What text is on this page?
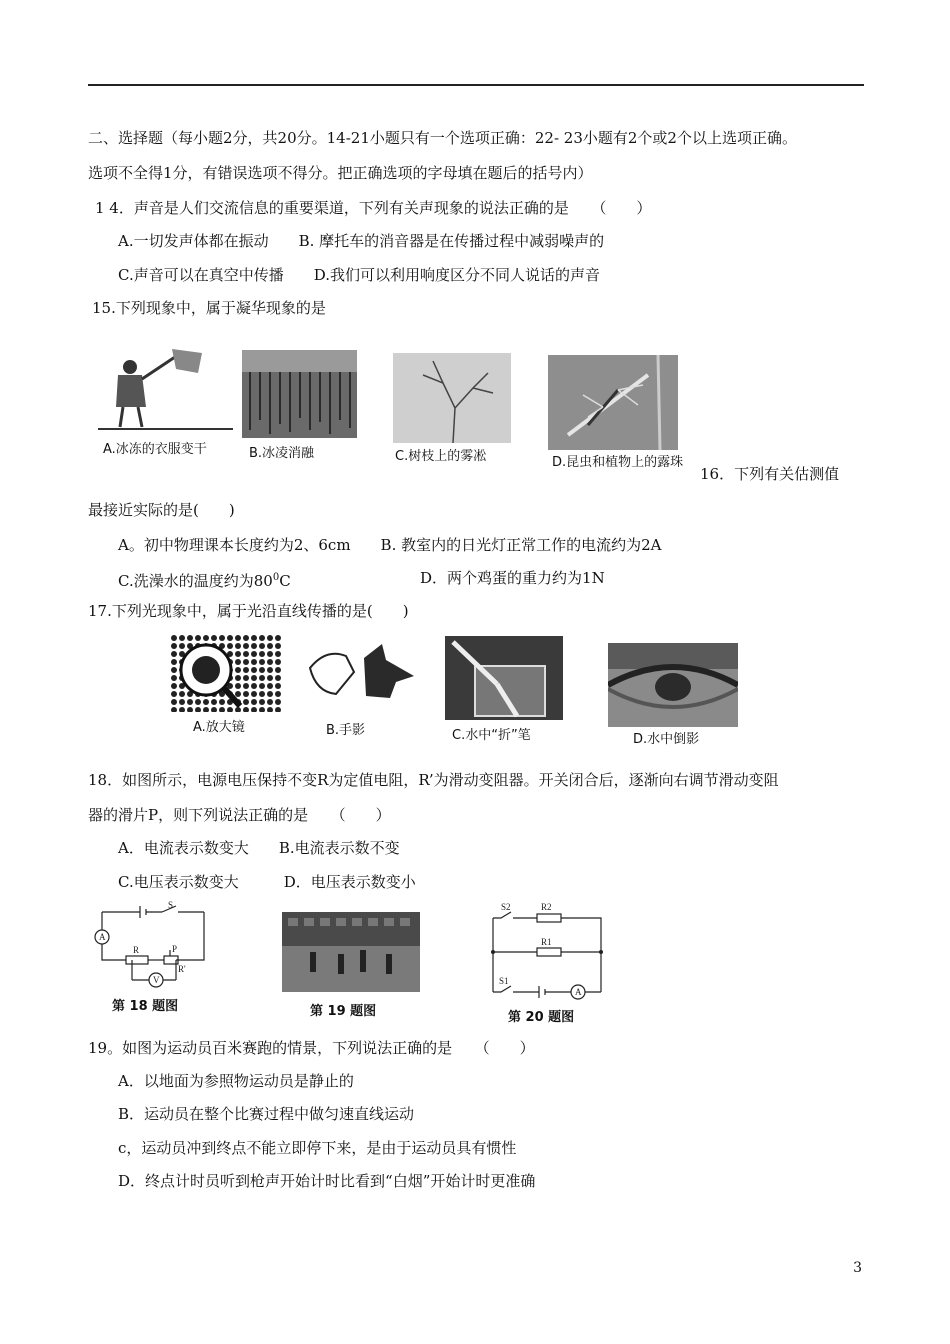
二、选择题（每小题2分，共20分。14-21小题只有一个选项正确：22- 23小题有2个或2个以上选项正确。
选项不全得1分，有错误选项不得分。把正确选项的字母填在题后的括号内）
1 4．声音是人们交流信息的重要渠道，下列有关声现象的说法正确的是　　（　　）
A.一切发声体都在振动　　B. 摩托车的消音器是在传播过程中减弱噪声的
C.声音可以在真空中传播　　D.我们可以利用响度区分不同人说话的声音
15.下列现象中，属于凝华现象的是
A.冰冻的衣服变干	B.冰凌消融	C.树枝上的雾凇	D.昆虫和植物上的露珠
16．下列有关估测值
最接近实际的是(　　)
A。初中物理课本长度约为2、6cm　　B. 教室内的日光灯正常工作的电流约为2A
C.洗澡水的温度约为$80^0C$	D．两个鸡蛋的重力约为1N
17.下列光现象中，属于光沿直线传播的是(　　)
A.放大镜	B.手影	C.水中“折”笔	D.水中倒影
18．如图所示，电源电压保持不变R为定值电阻，R’为滑动变阻器。开关闭合后，逐渐向右调节滑动变阻
器的滑片P，则下列说法正确的是　　（　　）
A．电流表示数变大　　B.电流表示数不变
C.电压表示数变大　　　D．电压表示数变小
A
S
R	P
R'
V
第 18 题图	第 19 题图
S2	R2
R1
S1
A
第 20 题图
19。如图为运动员百米赛跑的情景，下列说法正确的是　　（　　）
A．以地面为参照物运动员是静止的
B．运动员在整个比赛过程中做匀速直线运动
c，运动员冲到终点不能立即停下来，是由于运动员具有惯性
D．终点计时员听到枪声开始计时比看到“白烟”开始计时更准确
3
